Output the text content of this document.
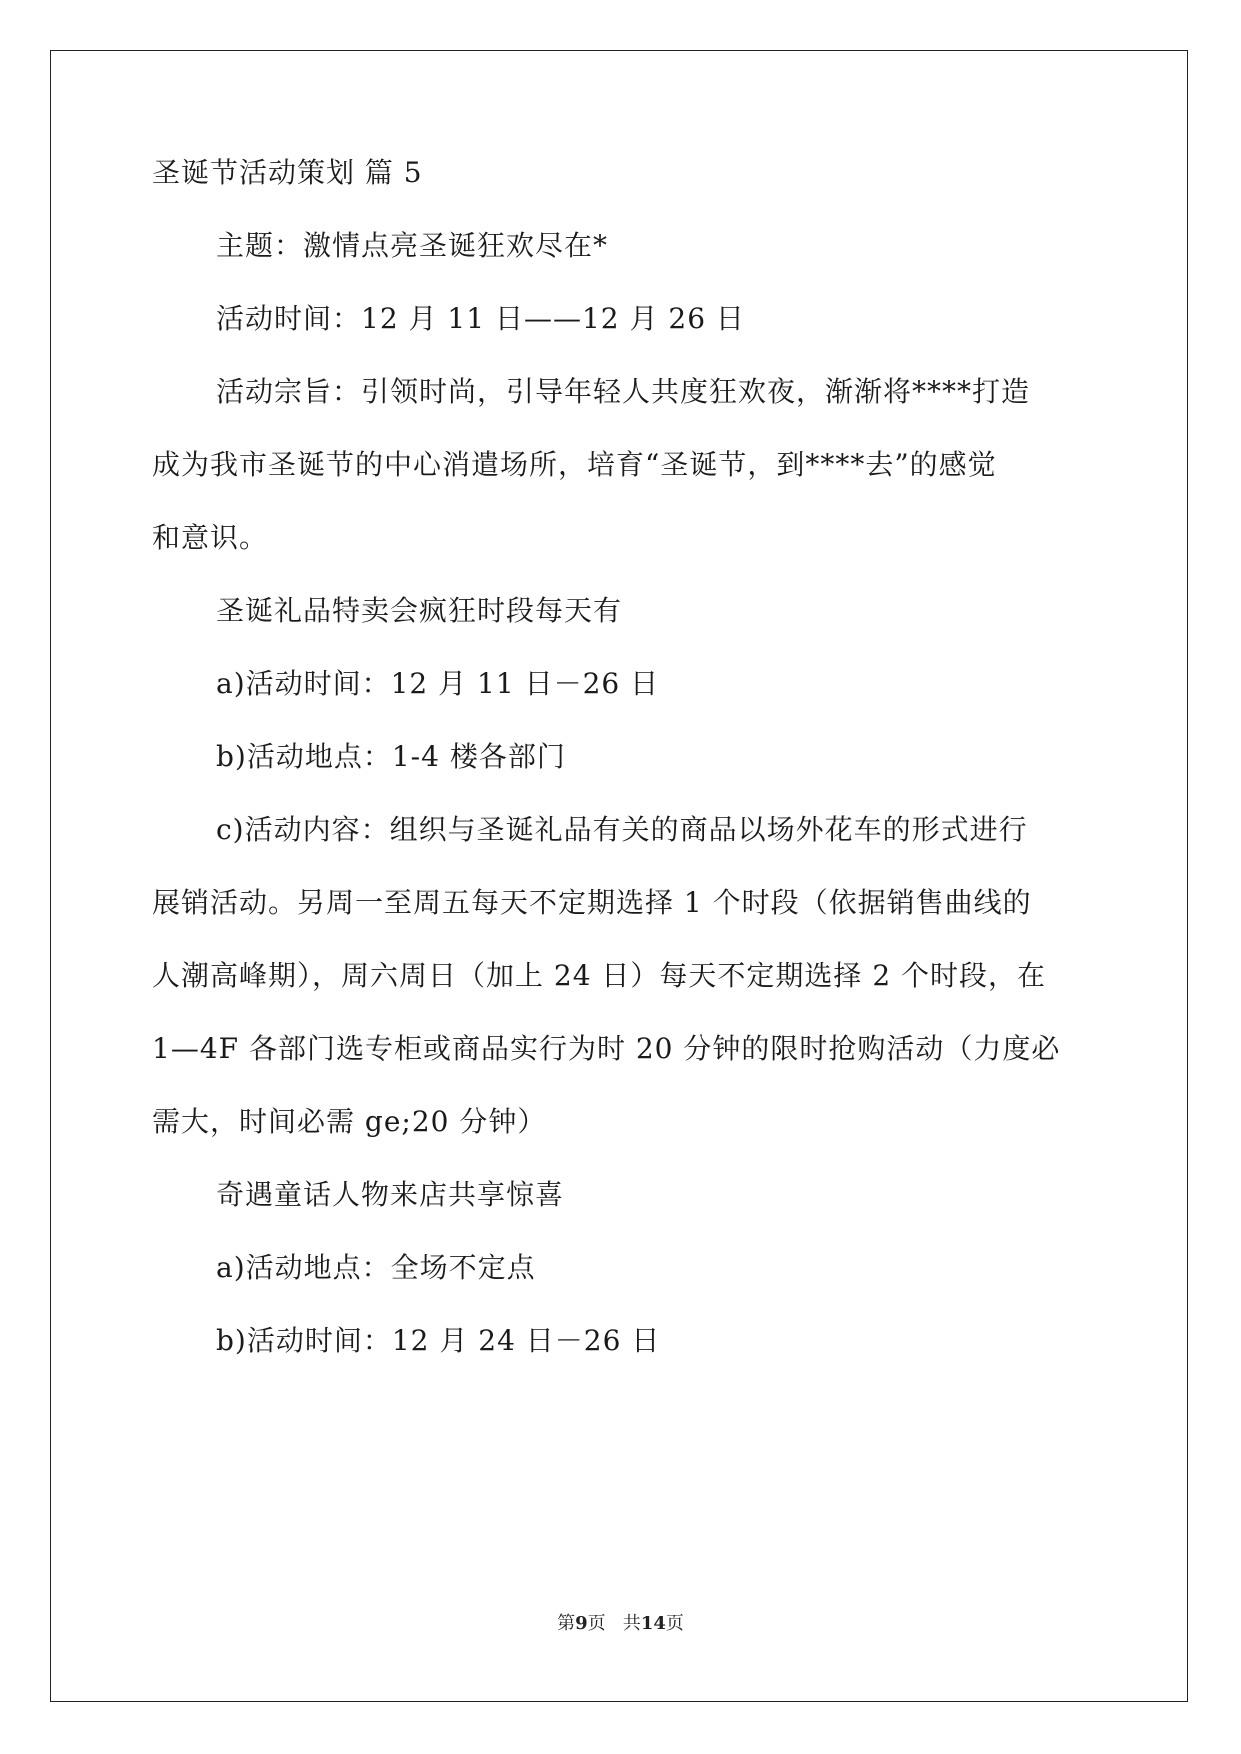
圣诞节活动策划 篇 5

主题：激情点亮圣诞狂欢尽在*

活动时间：12 月 11 日——12 月 26 日

活动宗旨：引领时尚，引导年轻人共度狂欢夜，渐渐将****打造

成为我市圣诞节的中心消遣场所，培育“圣诞节，到****去”的感觉

和意识。

圣诞礼品特卖会疯狂时段每天有

a)活动时间：12 月 11 日－26 日

b)活动地点：1-4 楼各部门

c)活动内容：组织与圣诞礼品有关的商品以场外花车的形式进行

展销活动。另周一至周五每天不定期选择 1 个时段（依据销售曲线的

人潮高峰期），周六周日（加上 24 日）每天不定期选择 2 个时段，在

1—4F 各部门选专柜或商品实行为时 20 分钟的限时抢购活动（力度必

需大，时间必需 ge;20 分钟）

奇遇童话人物来店共享惊喜

a)活动地点：全场不定点

b)活动时间：12 月 24 日－26 日

第9页 共14页
